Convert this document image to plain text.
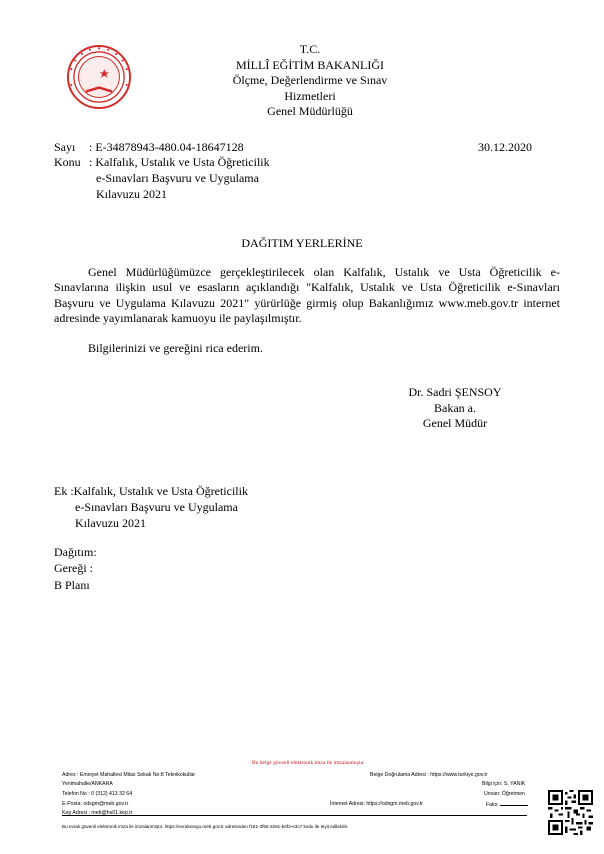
T.C.
MİLLÎ EĞİTİM BAKANLIĞI
Ölçme, Değerlendirme ve Sınav Hizmetleri
Genel Müdürlüğü
Sayı : E-34878943-480.04-18647128	30.12.2020
Konu : Kalfalık, Ustalık ve Usta Öğreticilik
e-Sınavları Başvuru ve Uygulama
Kılavuzu 2021
DAĞITIM YERLERİNE
Genel Müdürlüğümüzce gerçekleştirilecek olan Kalfalık, Ustalık ve Usta Öğreticilik e-Sınavlarına ilişkin usul ve esasların açıklandığı "Kalfalık, Ustalık ve Usta Öğreticilik e-Sınavları Başvuru ve Uygulama Kılavuzu 2021" yürürlüğe girmiş olup Bakanlığımız www.meb.gov.tr internet adresinde yayımlanarak kamuoyu ile paylaşılmıştır.
Bilgilerinizi ve gereğini rica ederim.
Dr. Sadri ŞENSOY
Bakan a.
Genel Müdür
Ek :Kalfalık, Ustalık ve Usta Öğreticilik
e-Sınavları Başvuru ve Uygulama
Kılavuzu 2021
Dağıtım:
Gereği :
B Planı
Bu belge güvenli elektronik imza ile imzalanmıştır.
Adres : Emniyet Mahallesi Milas Sokak No:8 Teknikokullar
Yenimahalle/ANKARA
Telefon No : 0 (312) 413 32 64
E-Posta: odsgm@meb.gov.tr
Kep Adresi : meb@hs01.kep.tr
Belge Doğrulama Adresi : https://www.turkiye.gov.tr
Bilgi için: S. YANIK
Unvan: Öğretmen
İnternet Adresi: https://odsgm.meb.gov.tr	Faks:
Bu evrak güvenli elektronik imza ile imzalanmıştır. https://evraksorgu.meb.gov.tr adresinden f181-3f55-3281-b0f3-e3c7 kodu ile teyit edilebilir.
